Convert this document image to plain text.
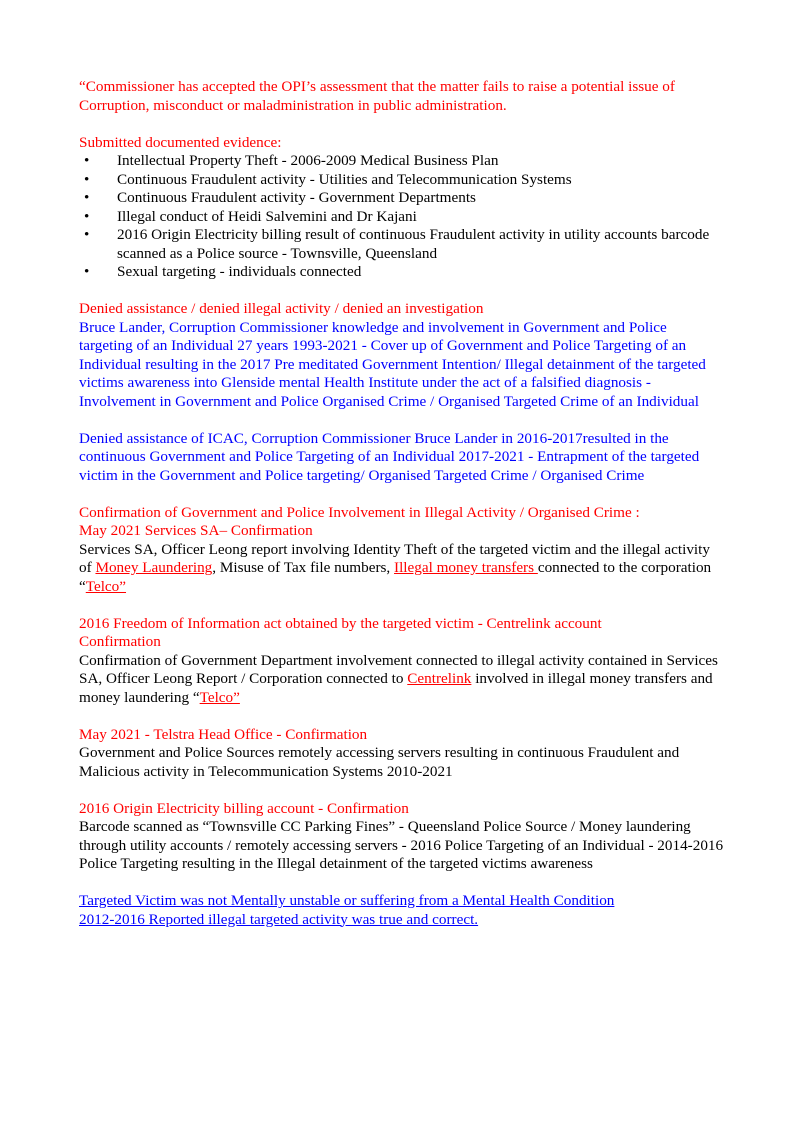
“Commissioner has accepted the OPI’s assessment that the matter fails to raise a potential issue of Corruption, misconduct or maladministration in public administration.

Submitted documented evidence:

• Intellectual Property Theft - 2006-2009 Medical Business Plan
• Continuous Fraudulent activity - Utilities and Telecommunication Systems
• Continuous Fraudulent activity - Government Departments
• Illegal conduct of Heidi Salvemini and Dr Kajani
• 2016 Origin Electricity billing result of continuous Fraudulent activity in utility accounts barcode scanned as a Police source - Townsville, Queensland
• Sexual targeting - individuals connected

Denied assistance / denied illegal activity / denied an investigation

Bruce Lander, Corruption Commissioner knowledge and involvement in Government and Police targeting of an Individual 27 years 1993-2021 - Cover up of Government and Police Targeting of an Individual resulting in the 2017 Pre meditated Government Intention/ Illegal detainment of the targeted victims awareness into Glenside mental Health Institute under the act of a falsified diagnosis -Involvement in Government and Police Organised Crime / Organised Targeted Crime of an Individual

Denied assistance of ICAC, Corruption Commissioner Bruce Lander in 2016-2017resulted in the continuous Government and Police Targeting of an Individual 2017-2021 - Entrapment of the targeted victim in the Government and Police targeting/ Organised Targeted Crime / Organised Crime

Confirmation of Government and Police Involvement in Illegal Activity / Organised Crime :

May 2021 Services SA– Confirmation

Services SA, Officer Leong report involving Identity Theft of the targeted victim and the illegal activity of Money Laundering, Misuse of Tax file numbers, Illegal money transfers connected to the corporation “Telco”

2016 Freedom of Information act obtained by the targeted victim - Centrelink account

Confirmation

Confirmation of Government Department involvement connected to illegal activity contained in Services SA, Officer Leong Report / Corporation connected to Centrelink involved in illegal money transfers and money laundering “Telco”

May 2021 - Telstra Head Office - Confirmation

Government and Police Sources remotely accessing servers resulting in continuous Fraudulent and Malicious activity in Telecommunication Systems 2010-2021

2016 Origin Electricity billing account - Confirmation

Barcode scanned as “Townsville CC Parking Fines” - Queensland Police Source / Money laundering through utility accounts / remotely accessing servers - 2016 Police Targeting of an Individual - 2014-2016 Police Targeting resulting in the Illegal detainment of the targeted victims awareness

Targeted Victim was not Mentally unstable or suffering from a Mental Health Condition

2012-2016 Reported illegal targeted activity was true and correct.
